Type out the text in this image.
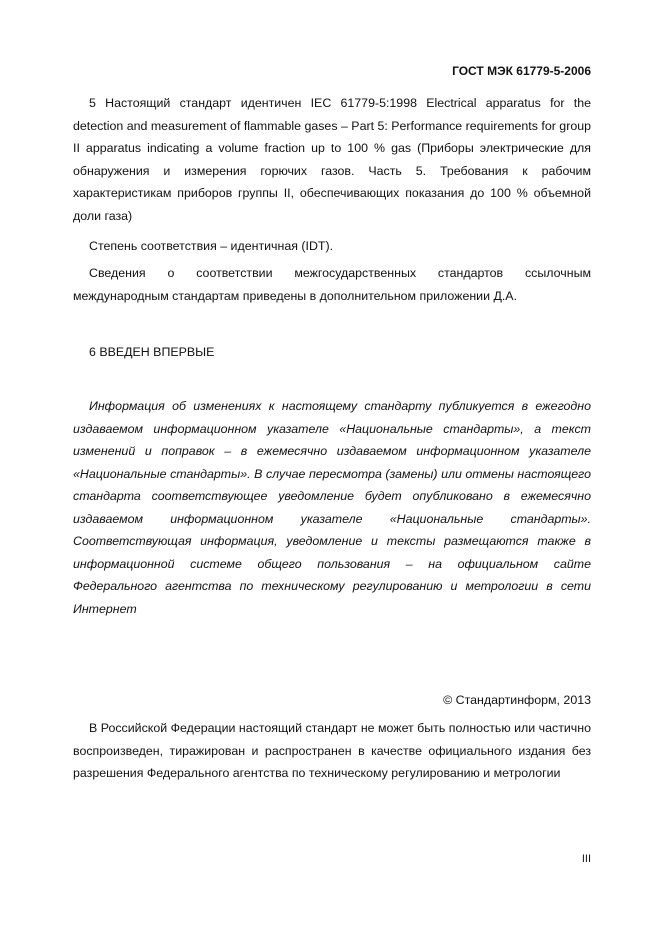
ГОСТ МЭК 61779-5-2006

5 Настоящий стандарт идентичен IEC 61779-5:1998 Electrical apparatus for the detection and measurement of flammable gases – Part 5: Performance requirements for group II apparatus indicating a volume fraction up to 100 % gas (Приборы электрические для обнаружения и измерения горючих газов. Часть 5. Требования к рабочим характеристикам приборов группы II, обеспечивающих показания до 100 % объемной доли газа)

Степень соответствия – идентичная (IDT).

Сведения о соответствии межгосударственных стандартов ссылочным международным стандартам приведены в дополнительном приложении Д.А.

6 ВВЕДЕН ВПЕРВЫЕ

Информация об изменениях к настоящему стандарту публикуется в ежегодно издаваемом информационном указателе «Национальные стандарты», а текст изменений и поправок – в ежемесячно издаваемом информационном указателе «Национальные стандарты». В случае пересмотра (замены) или отмены настоящего стандарта соответствующее уведомление будет опубликовано в ежемесячно издаваемом информационном указателе «Национальные стандарты». Соответствующая информация, уведомление и тексты размещаются также в информационной системе общего пользования – на официальном сайте Федерального агентства по техническому регулированию и метрологии в сети Интернет

© Стандартинформ, 2013

В Российской Федерации настоящий стандарт не может быть полностью или частично воспроизведен, тиражирован и распространен в качестве официального издания без разрешения Федерального агентства по техническому регулированию и метрологии

III
